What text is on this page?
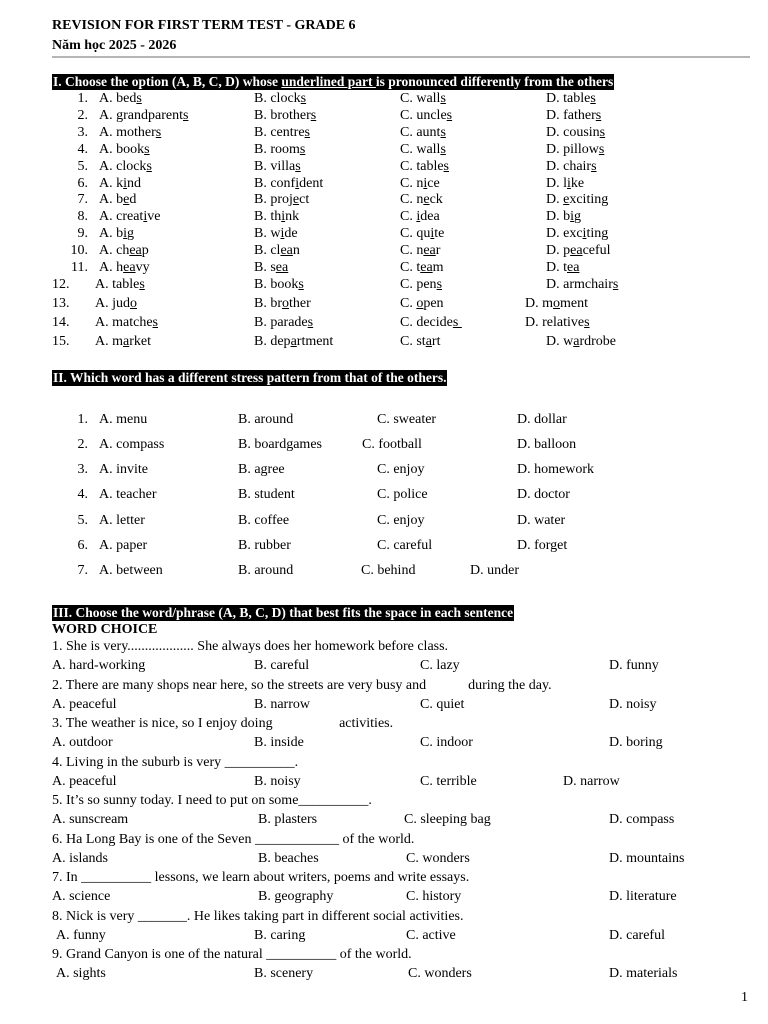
REVISION FOR FIRST TERM TEST - GRADE 6
Năm học 2025 - 2026
I. Choose the option (A, B, C, D) whose underlined part is pronounced differently from the others
1. A. beds	B. clocks	C. walls	D. tables
2. A. grandparents	B. brothers	C. uncles	D. fathers
3. A. mothers	B. centres	C. aunts	D. cousins
4. A. books	B. rooms	C. walls	D. pillows
5. A. clocks	B. villas	C. tables	D. chairs
6. A. kind	B. confident	C. nice	D. like
7. A. bed	B. project	C. neck	D. exciting
8. A. creative	B. think	C. idea	D. big
9. A. big	B. wide	C. quite	D. exciting
10. A. cheap	B. clean	C. near	D. peaceful
11. A. heavy	B. sea	C. team	D. tea
12. A. tables	B. books	C. pens	D. armchairs
13. A. judo	B. brother	C. open	D. moment
14. A. matches	B. parades	C. decides	D. relatives
15. A. market	B. department	C. start	D. wardrobe
II. Which word has a different stress pattern from that of the others.
1. A. menu	B. around	C. sweater	D. dollar
2. A. compass	B. boardgames	C. football	D. balloon
3. A. invite	B. agree	C. enjoy	D. homework
4. A. teacher	B. student	C. police	D. doctor
5. A. letter	B. coffee	C. enjoy	D. water
6. A. paper	B. rubber	C. careful	D. forget
7. A. between	B. around	C. behind	D. under
III. Choose the word/phrase (A, B, C, D) that best fits the space in each sentence
WORD CHOICE
1. She is very................... She always does her homework before class.
A. hard-working	B. careful	C. lazy	D. funny
2. There are many shops near here, so the streets are very busy and            during the day.
A. peaceful	B. narrow	C. quiet	D. noisy
3. The weather is nice, so I enjoy doing                   activities.
A. outdoor	B. inside	C. indoor	D. boring
4. Living in the suburb is very __________.
A. peaceful	B. noisy	C. terrible	D. narrow
5. It’s so sunny today. I need to put on some__________.
A. sunscream	B. plasters	C. sleeping bag	D. compass
6. Ha Long Bay is one of the Seven ____________ of the world.
A. islands	B. beaches	C. wonders	D. mountains
7. In __________ lessons, we learn about writers, poems and write essays.
A. science	B. geography	C. history	D. literature
8. Nick is very _______. He likes taking part in different social activities.
A. funny	B. caring	C. active	D. careful
9. Grand Canyon is one of the natural __________ of the world.
A. sights	B. scenery	C. wonders	D. materials
1
